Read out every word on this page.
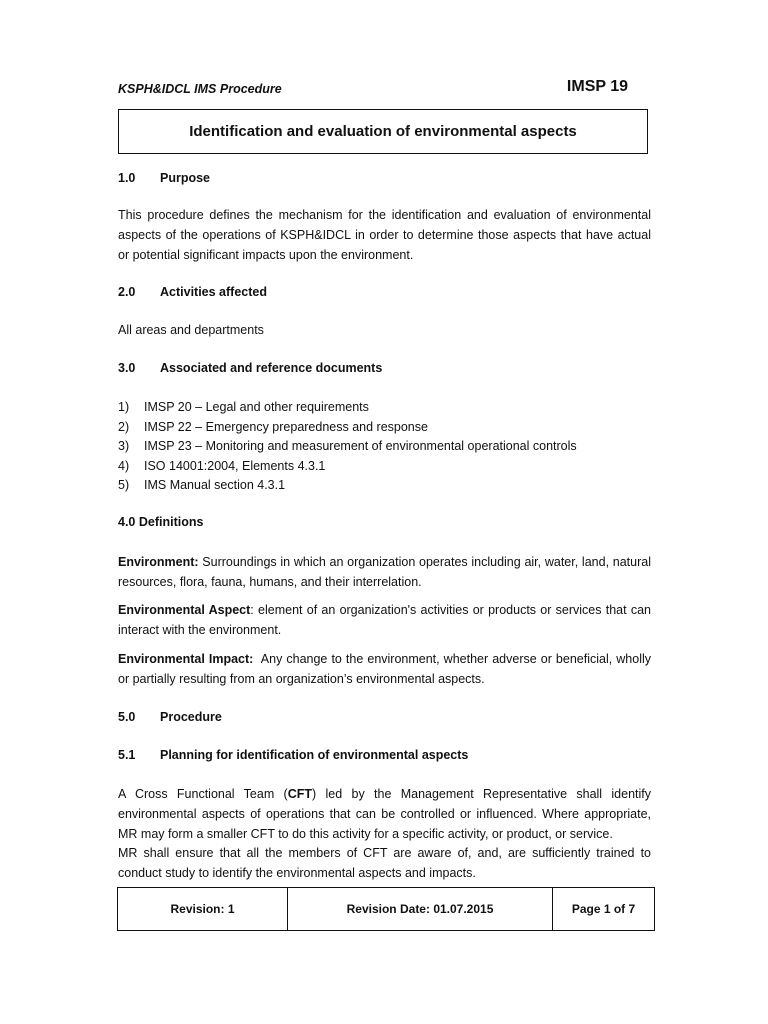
KSPH&IDCL IMS Procedure	IMSP 19
Identification and evaluation of environmental aspects
1.0 Purpose
This procedure defines the mechanism for the identification and evaluation of environmental aspects of the operations of KSPH&IDCL in order to determine those aspects that have actual or potential significant impacts upon the environment.
2.0 Activities affected
All areas and departments
3.0 Associated and reference documents
1)	IMSP 20 – Legal and other requirements
2)	IMSP 22 – Emergency preparedness and response
3)	IMSP 23 – Monitoring and measurement of environmental operational controls
4)	ISO 14001:2004, Elements 4.3.1
5)	IMS Manual section 4.3.1
4.0 Definitions
Environment: Surroundings in which an organization operates including air, water, land, natural resources, flora, fauna, humans, and their interrelation.
Environmental Aspect: element of an organization's activities or products or services that can interact with the environment.
Environmental Impact:  Any change to the environment, whether adverse or beneficial, wholly or partially resulting from an organization’s environmental aspects.
5.0 Procedure
5.1 Planning for identification of environmental aspects
A Cross Functional Team (CFT) led by the Management Representative shall identify environmental aspects of operations that can be controlled or influenced. Where appropriate, MR may form a smaller CFT to do this activity for a specific activity, or product, or service.
MR shall ensure that all the members of CFT are aware of, and, are sufficiently trained to conduct study to identify the environmental aspects and impacts.
Revision: 1	Revision Date: 01.07.2015	Page 1 of 7
